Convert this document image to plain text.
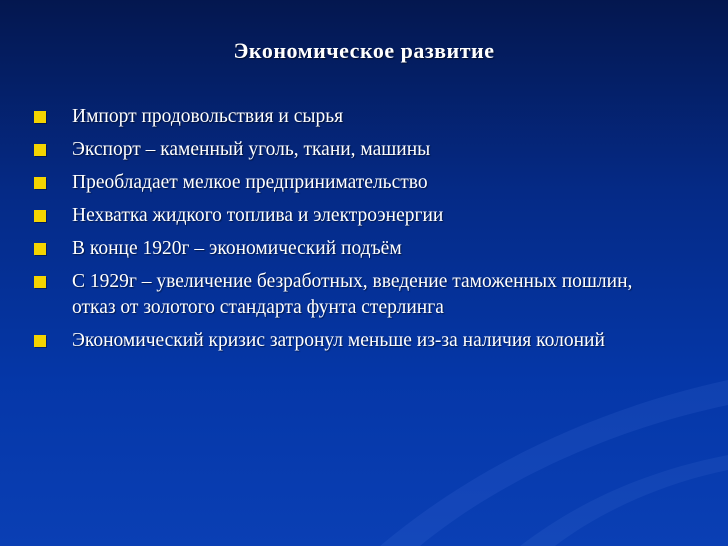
Экономическое развитие
Импорт продовольствия и сырья
Экспорт – каменный уголь, ткани, машины
Преобладает мелкое предпринимательство
Нехватка жидкого топлива и электроэнергии
В конце 1920г – экономический подъём
С 1929г – увеличение безработных, введение таможенных пошлин, отказ от золотого стандарта фунта стерлинга
Экономический кризис затронул меньше из-за наличия колоний
